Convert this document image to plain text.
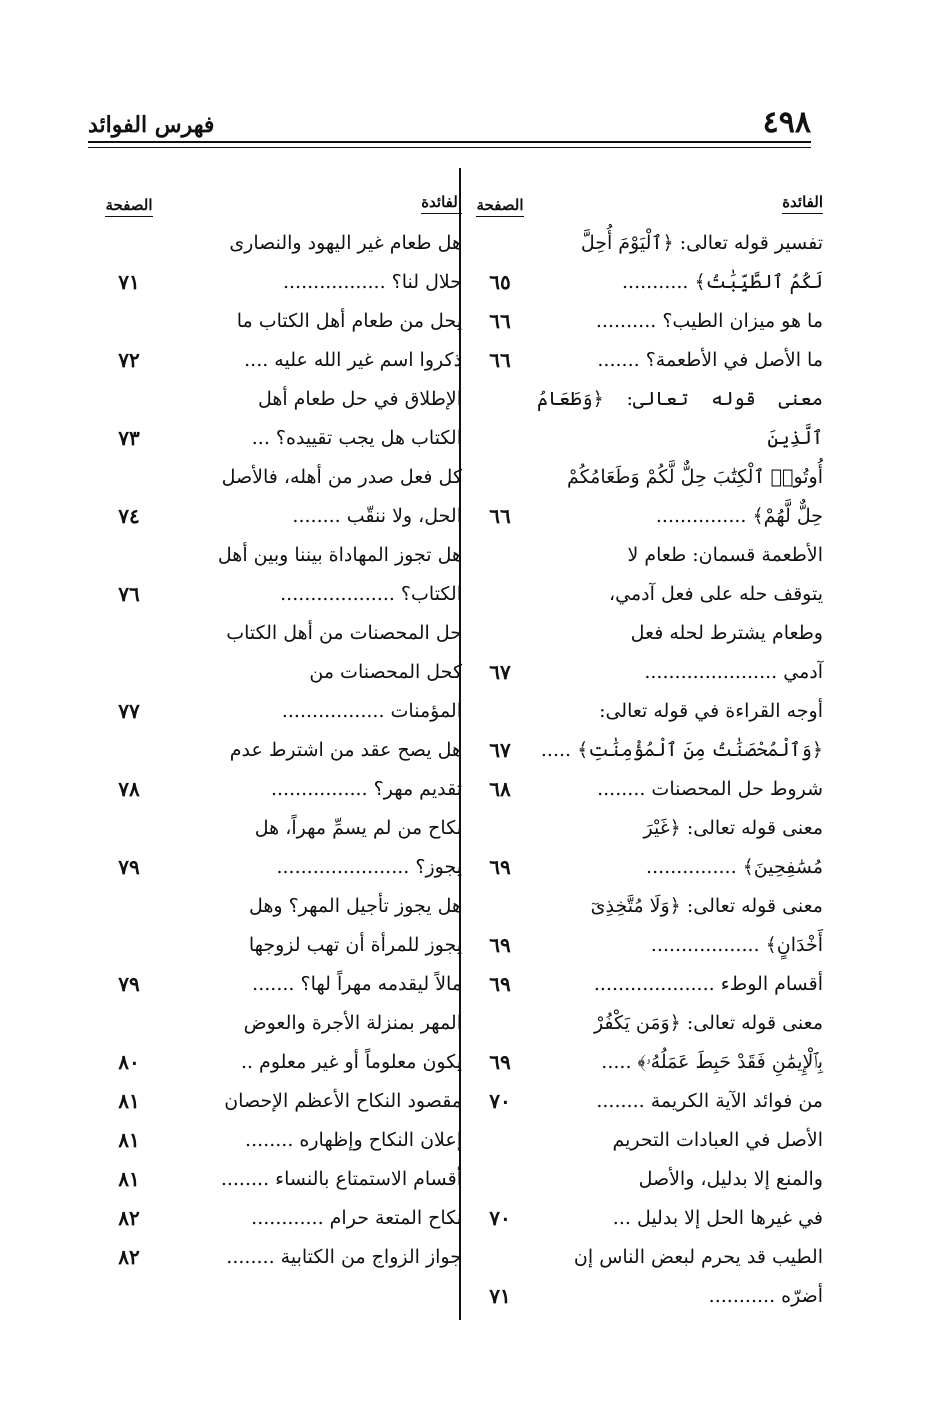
فهرس الفوائد	٤٩٨
الفائدة
الصفحة
تفسير قوله تعالى: ﴿ٱلْيَوْمَ أُحِلَّ
لَكُمُ ٱلطَّيِّبَٰتُ﴾ ...........
٦٥
ما هو ميزان الطيب؟ ..........
٦٦
ما الأصل في الأطعمة؟ .......
٦٦
معنى قوله تعالى: ﴿وَطَعَامُ ٱلَّذِينَ
أُوتُوا۟ ٱلْكِتَٰبَ حِلٌّ لَّكُمْ وَطَعَامُكُمْ
حِلٌّ لَّهُمْ﴾ ...............
٦٦
الأطعمة قسمان: طعام لا
يتوقف حله على فعل آدمي،
وطعام يشترط لحله فعل
آدمي ......................
٦٧
أوجه القراءة في قوله تعالى:
﴿وَٱلْمُحْصَنَٰتُ مِنَ ٱلْمُؤْمِنَٰتِ﴾ .....
٦٧
شروط حل المحصنات ........
٦٨
معنى قوله تعالى: ﴿غَيْرَ
مُسَٰفِحِينَ﴾ ...............
٦٩
معنى قوله تعالى: ﴿وَلَا مُتَّخِذِىٓ
أَخْدَانٍ﴾ ..................
٦٩
أقسام الوطء ....................
٦٩
معنى قوله تعالى: ﴿وَمَن يَكْفُرْ
بِٱلْإِيمَٰنِ فَقَدْ حَبِطَ عَمَلُهُۥ﴾ .....
٦٩
من فوائد الآية الكريمة ........
٧٠
الأصل في العبادات التحريم
والمنع إلا بدليل، والأصل
في غيرها الحل إلا بدليل ...
٧٠
الطيب قد يحرم لبعض الناس إن
أضرّه ...........
٧١
الفائدة
الصفحة
هل طعام غير اليهود والنصارى
حلال لنا؟ .................
٧١
يحل من طعام أهل الكتاب ما
ذكروا اسم غير الله عليه ....
٧٢
الإطلاق في حل طعام أهل
الكتاب هل يجب تقييده؟ ...
٧٣
كل فعل صدر من أهله، فالأصل
الحل، ولا ننقّب ........
٧٤
هل تجوز المهاداة بيننا وبين أهل
الكتاب؟ ...................
٧٦
حل المحصنات من أهل الكتاب
كحل المحصنات من
المؤمنات .................
٧٧
هل يصح عقد من اشترط عدم
تقديم مهر؟ ................
٧٨
نكاح من لم يسمِّ مهراً، هل
يجوز؟ ......................
٧٩
هل يجوز تأجيل المهر؟ وهل
يجوز للمرأة أن تهب لزوجها
مالاً ليقدمه مهراً لها؟ .......
٧٩
المهر بمنزلة الأجرة والعوض
يكون معلوماً أو غير معلوم ..
٨٠
مقصود النكاح الأعظم الإحصان
٨١
إعلان النكاح وإظهاره ........
٨١
أقسام الاستمتاع بالنساء ........
٨١
نكاح المتعة حرام ............
٨٢
جواز الزواج من الكتابية ........
٨٢
